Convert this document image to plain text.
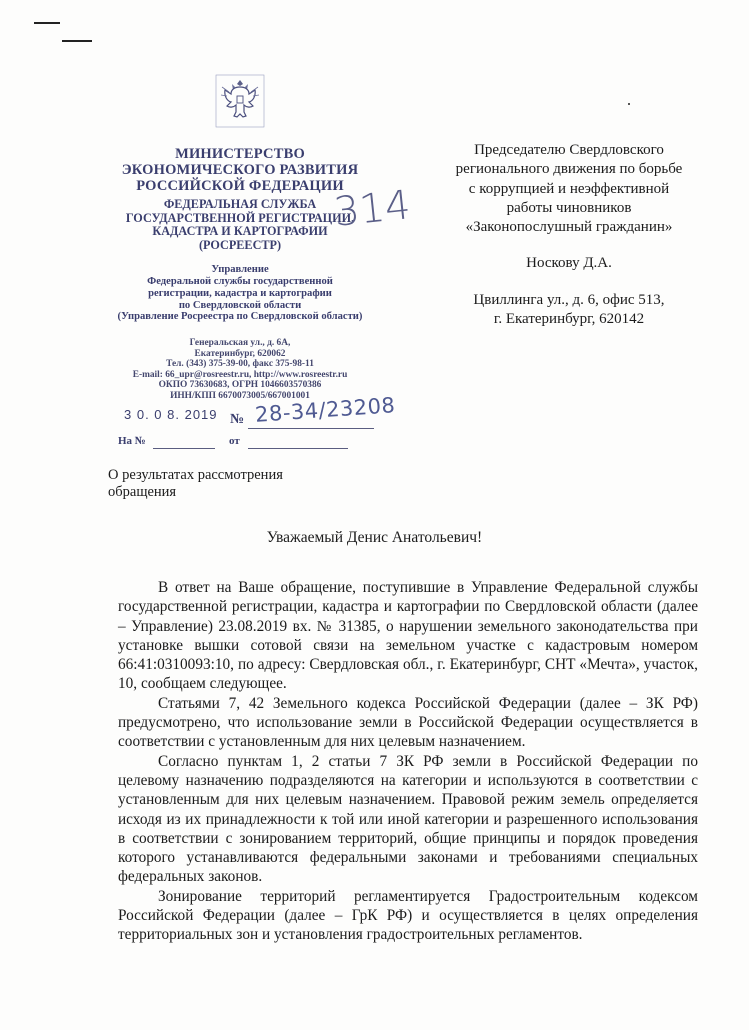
МИНИСТЕРСТВО
ЭКОНОМИЧЕСКОГО РАЗВИТИЯ
РОССИЙСКОЙ ФЕДЕРАЦИИ
ФЕДЕРАЛЬНАЯ СЛУЖБА
ГОСУДАРСТВЕННОЙ РЕГИСТРАЦИИ,
КАДАСТРА И КАРТОГРАФИИ
(РОСРЕЕСТР)
Управление
Федеральной службы государственной
регистрации, кадастра и картографии
по Свердловской области
(Управление Росреестра по Свердловской области)
Генеральская ул., д. 6А,
Екатеринбург, 620062
Тел. (343) 375-39-00, факс 375-98-11
E-mail: 66_upr@rosreestr.ru, http://www.rosreestr.ru
ОКПО 73630683, ОГРН 1046603570386
ИНН/КПП 6670073005/667001001
314
3 0. 0 8. 2019 № 28-34/23208
На №	от
О результатах рассмотрения
обращения
Председателю Свердловского
регионального движения по борьбе
с коррупцией и неэффективной
работы чиновников
«Законопослушный гражданин»
Носкову Д.А.
Цвиллинга ул., д. 6, офис 513,
г. Екатеринбург, 620142
Уважаемый Денис Анатольевич!

В ответ на Ваше обращение, поступившие в Управление Федеральной службы государственной регистрации, кадастра и картографии по Свердловской области (далее – Управление) 23.08.2019 вх. № 31385, о нарушении земельного законодательства при установке вышки сотовой связи на земельном участке с кадастровым номером 66:41:0310093:10, по адресу: Свердловская обл., г. Екатеринбург, СНТ «Мечта», участок, 10, сообщаем следующее.

Статьями 7, 42 Земельного кодекса Российской Федерации (далее – ЗК РФ) предусмотрено, что использование земли в Российской Федерации осуществляется в соответствии с установленным для них целевым назначением.

Согласно пунктам 1, 2 статьи 7 ЗК РФ земли в Российской Федерации по целевому назначению подразделяются на категории и используются в соответствии с установленным для них целевым назначением. Правовой режим земель определяется исходя из их принадлежности к той или иной категории и разрешенного использования в соответствии с зонированием территорий, общие принципы и порядок проведения которого устанавливаются федеральными законами и требованиями специальных федеральных законов.

Зонирование территорий регламентируется Градостроительным кодексом Российской Федерации (далее – ГрК РФ) и осуществляется в целях определения территориальных зон и установления градостроительных регламентов.
